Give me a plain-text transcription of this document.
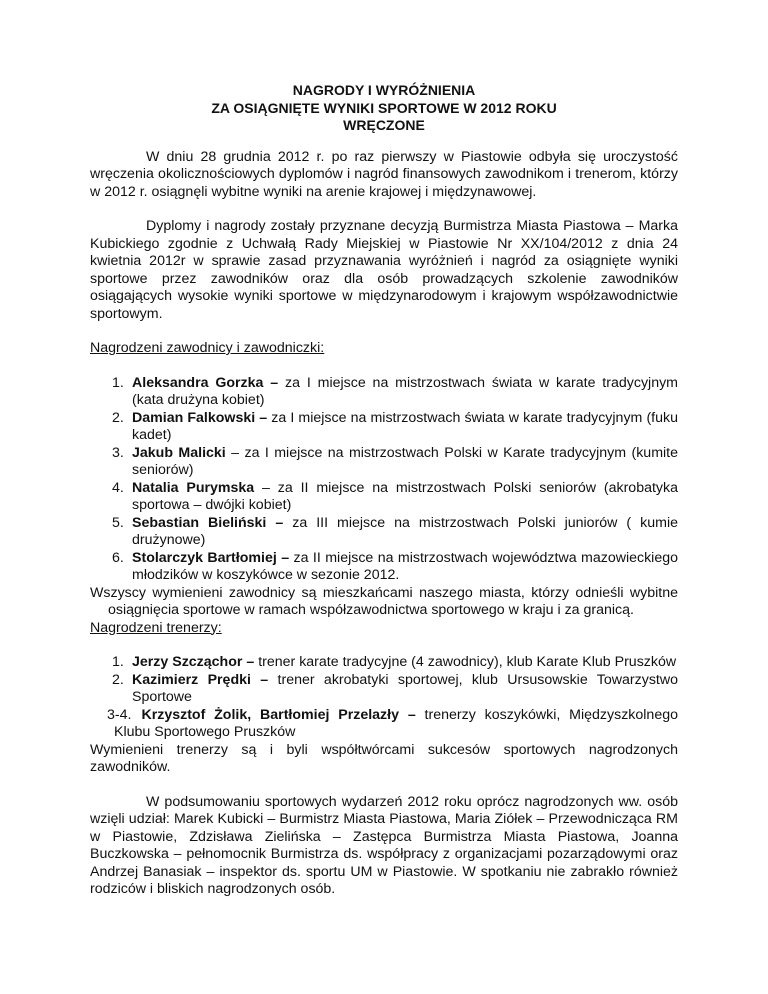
NAGRODY I WYRÓŻNIENIA
ZA OSIĄGNIĘTE WYNIKI SPORTOWE W 2012 ROKU
WRĘCZONE

W dniu 28 grudnia 2012 r. po raz pierwszy w Piastowie odbyła się uroczystość wręczenia okolicznościowych dyplomów i nagród finansowych zawodnikom i trenerom, którzy w 2012 r. osiągnęli wybitne wyniki na arenie krajowej i międzynawowej.

Dyplomy i nagrody zostały przyznane decyzją Burmistrza Miasta Piastowa – Marka Kubickiego zgodnie z Uchwałą Rady Miejskiej w Piastowie Nr XX/104/2012 z dnia 24 kwietnia 2012r w sprawie zasad przyznawania wyróżnień i nagród za osiągnięte wyniki sportowe przez zawodników oraz dla osób prowadzących szkolenie zawodników osiągających wysokie wyniki sportowe w międzynarodowym i krajowym współzawodnictwie sportowym.

Nagrodzeni zawodnicy i zawodniczki:
1. Aleksandra Gorzka – za I miejsce na mistrzostwach świata w karate tradycyjnym (kata drużyna kobiet)
2. Damian Falkowski – za I miejsce na mistrzostwach świata w karate tradycyjnym (fuku kadet)
3. Jakub Malicki – za I miejsce na mistrzostwach Polski w Karate tradycyjnym (kumite seniorów)
4. Natalia Purymska – za II miejsce na mistrzostwach Polski seniorów (akrobatyka sportowa – dwójki kobiet)
5. Sebastian Bieliński – za III miejsce na mistrzostwach Polski juniorów ( kumie drużynowe)
6. Stolarczyk Bartłomiej – za II miejsce na mistrzostwach województwa mazowieckiego młodzików w koszykówce w sezonie 2012.
Wszyscy wymienieni zawodnicy są mieszkańcami naszego miasta, którzy odnieśli wybitne osiągnięcia sportowe w ramach współzawodnictwa sportowego w kraju i za granicą.
Nagrodzeni trenerzy:
1. Jerzy Szcząchor – trener karate tradycyjne (4 zawodnicy), klub Karate Klub Pruszków
2. Kazimierz Prędki – trener akrobatyki sportowej, klub Ursusowskie Towarzystwo Sportowe
3-4. Krzysztof Żolik, Bartłomiej Przelazły – trenerzy koszykówki, Międzyszkolnego Klubu Sportowego Pruszków
Wymienieni trenerzy są i byli współtwórcami sukcesów sportowych nagrodzonych zawodników.

W podsumowaniu sportowych wydarzeń 2012 roku oprócz nagrodzonych ww. osób wzięli udział: Marek Kubicki – Burmistrz Miasta Piastowa, Maria Ziółek – Przewodnicząca RM w Piastowie, Zdzisława Zielińska – Zastępca Burmistrza Miasta Piastowa, Joanna Buczkowska – pełnomocnik Burmistrza ds. współpracy z organizacjami pozarządowymi oraz Andrzej Banasiak – inspektor ds. sportu UM w Piastowie. W spotkaniu nie zabrakło również rodziców i bliskich nagrodzonych osób.
